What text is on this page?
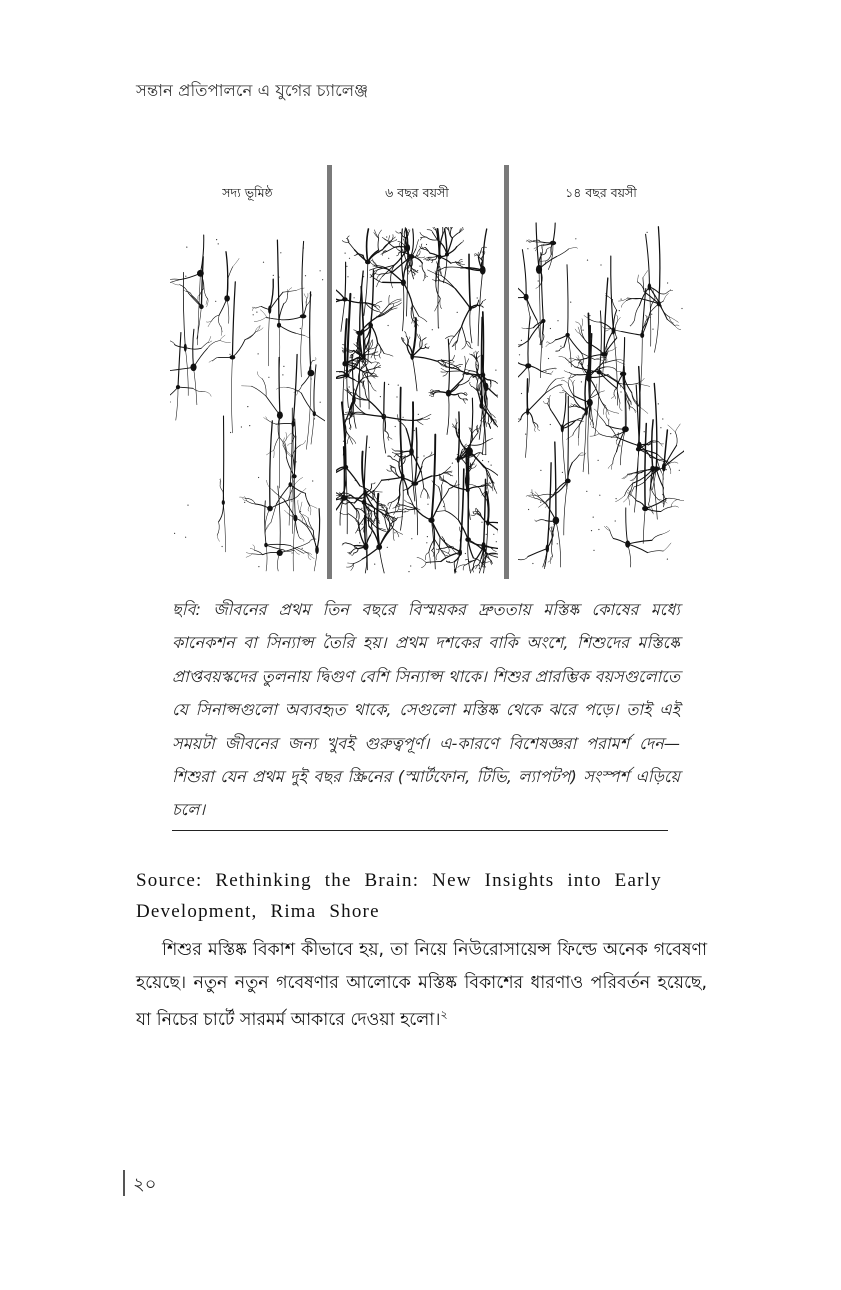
সন্তান প্রতিপালনে এ যুগের চ্যালেঞ্জ
সদ্য ভূমিষ্ঠ	৬ বছর বয়সী	১৪ বছর বয়সী
ছবি: জীবনের প্রথম তিন বছরে বিস্ময়কর দ্রুততায় মস্তিষ্ক কোষের মধ্যে কানেকশন বা সিন্যাপ্স তৈরি হয়। প্রথম দশকের বাকি অংশে, শিশুদের মস্তিষ্কে প্রাপ্তবয়স্কদের তুলনায় দ্বিগুণ বেশি সিন্যাপ্স থাকে। শিশুর প্রারম্ভিক বয়সগুলোতে যে সিনাপ্সগুলো অব্যবহৃত থাকে, সেগুলো মস্তিষ্ক থেকে ঝরে পড়ে। তাই এই সময়টা জীবনের জন্য খুবই গুরুত্বপূর্ণ। এ-কারণে বিশেষজ্ঞরা পরামর্শ দেন—শিশুরা যেন প্রথম দুই বছর স্ক্রিনের (স্মার্টফোন, টিভি, ল্যাপটপ) সংস্পর্শ এড়িয়ে চলে।
Source: Rethinking the Brain: New Insights into Early Development, Rima Shore
শিশুর মস্তিষ্ক বিকাশ কীভাবে হয়, তা নিয়ে নিউরোসায়েন্স ফিল্ডে অনেক গবেষণা হয়েছে। নতুন নতুন গবেষণার আলোকে মস্তিষ্ক বিকাশের ধারণাও পরিবর্তন হয়েছে, যা নিচের চার্টে সারমর্ম আকারে দেওয়া হলো।$^২$
২০
